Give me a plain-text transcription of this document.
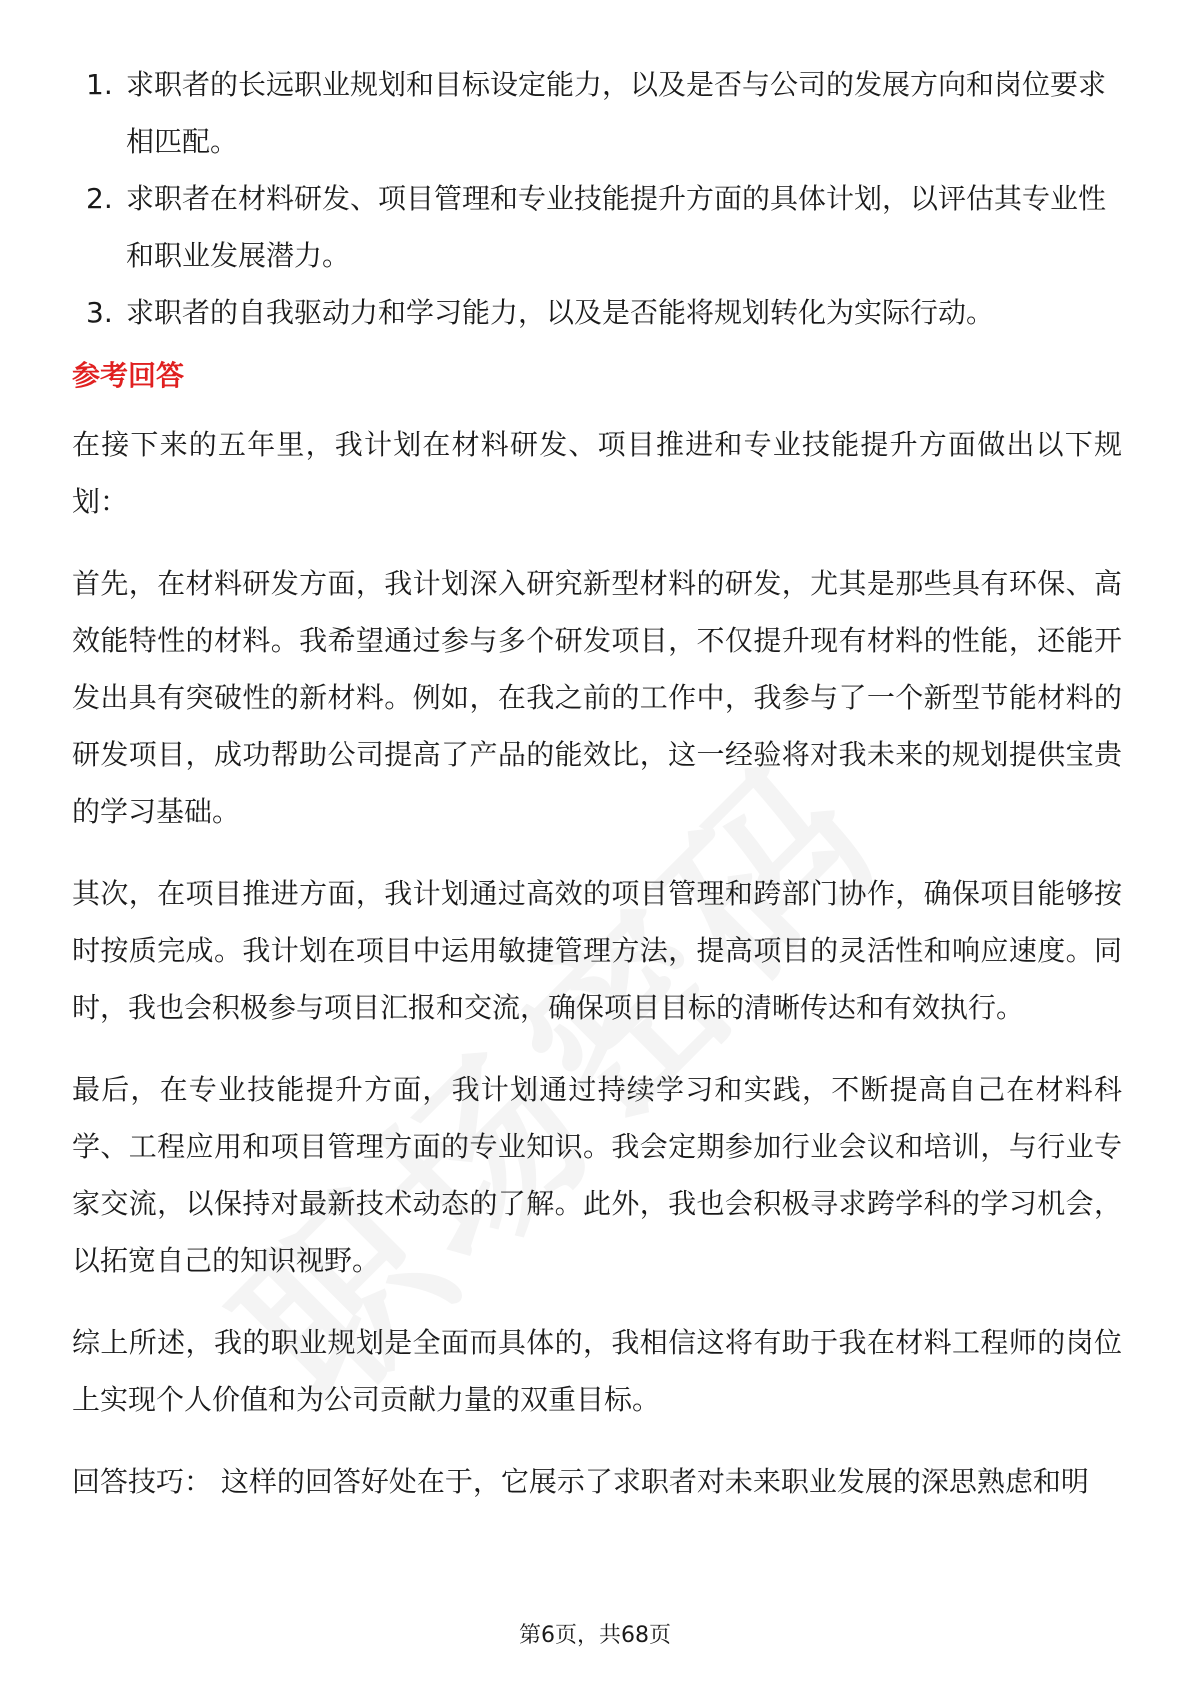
1. 求职者的长远职业规划和目标设定能力，以及是否与公司的发展方向和岗位要求相匹配。
2. 求职者在材料研发、项目管理和专业技能提升方面的具体计划，以评估其专业性和职业发展潜力。
3. 求职者的自我驱动力和学习能力，以及是否能将规划转化为实际行动。
参考回答

在接下来的五年里，我计划在材料研发、项目推进和专业技能提升方面做出以下规划：

首先，在材料研发方面，我计划深入研究新型材料的研发，尤其是那些具有环保、高效能特性的材料。我希望通过参与多个研发项目，不仅提升现有材料的性能，还能开发出具有突破性的新材料。例如，在我之前的工作中，我参与了一个新型节能材料的研发项目，成功帮助公司提高了产品的能效比，这一经验将对我未来的规划提供宝贵的学习基础。

其次，在项目推进方面，我计划通过高效的项目管理和跨部门协作，确保项目能够按时按质完成。我计划在项目中运用敏捷管理方法，提高项目的灵活性和响应速度。同时，我也会积极参与项目汇报和交流，确保项目目标的清晰传达和有效执行。

最后，在专业技能提升方面，我计划通过持续学习和实践，不断提高自己在材料科学、工程应用和项目管理方面的专业知识。我会定期参加行业会议和培训，与行业专家交流，以保持对最新技术动态的了解。此外，我也会积极寻求跨学科的学习机会，以拓宽自己的知识视野。

综上所述，我的职业规划是全面而具体的，我相信这将有助于我在材料工程师的岗位上实现个人价值和为公司贡献力量的双重目标。

回答技巧： 这样的回答好处在于，它展示了求职者对未来职业发展的深思熟虑和明

第6页，共68页
